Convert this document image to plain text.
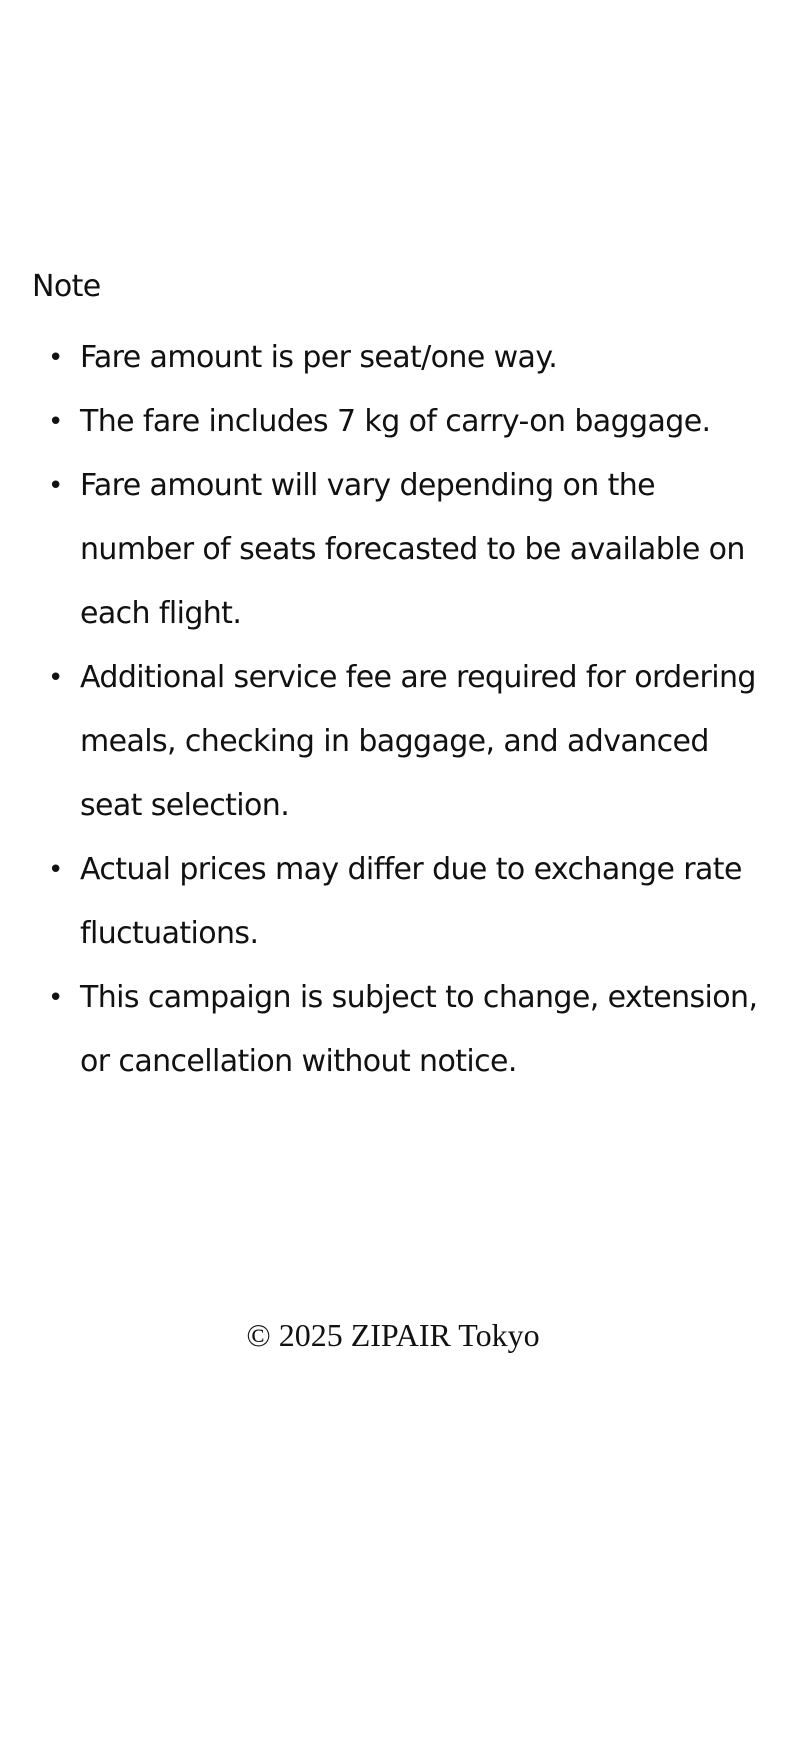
Note
• Fare amount is per seat/one way.
• The fare includes 7 kg of carry-on baggage.
• Fare amount will vary depending on the number of seats forecasted to be available on each flight.
• Additional service fee are required for ordering meals, checking in baggage, and advanced seat selection.
• Actual prices may differ due to exchange rate fluctuations.
• This campaign is subject to change, extension, or cancellation without notice.
© 2025 ZIPAIR Tokyo
